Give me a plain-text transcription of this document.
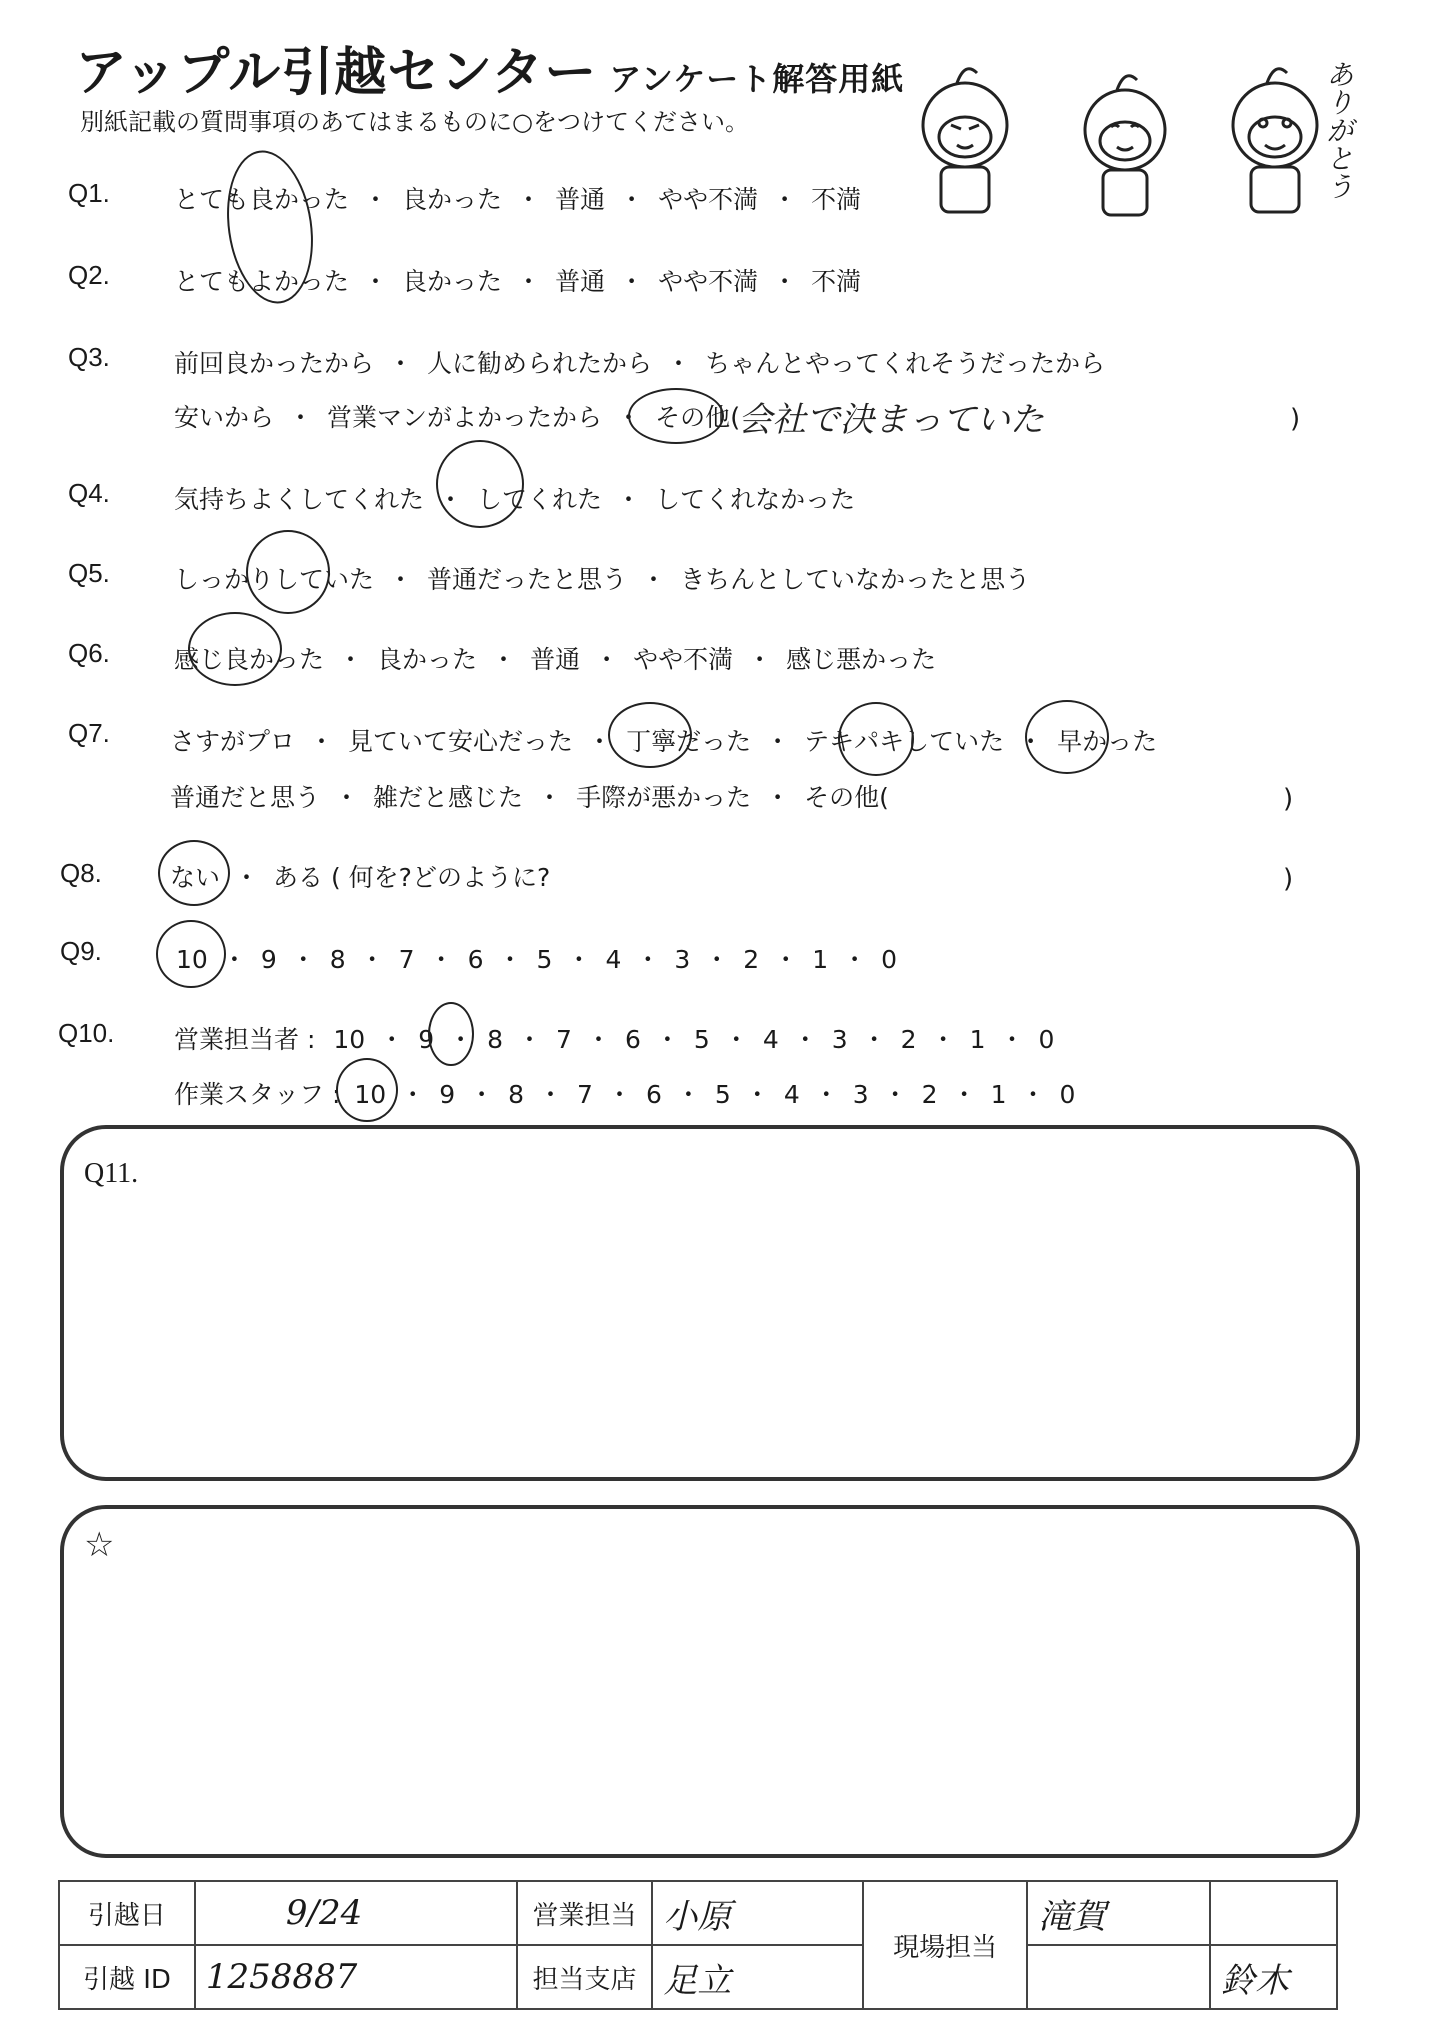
アップル引越センター アンケート解答用紙
別紙記載の質問事項のあてはまるものに○をつけてください。	ありがとう
Q1.	とても良かった ・ 良かった ・ 普通 ・ やや不満 ・ 不満
Q2.	とてもよかった ・ 良かった ・ 普通 ・ やや不満 ・ 不満
Q3.	前回良かったから ・ 人に勧められたから ・ ちゃんとやってくれそうだったから
安いから ・ 営業マンがよかったから ・ その他(
会社で決まっていた	)
Q4.	気持ちよくしてくれた ・ してくれた ・ してくれなかった
Q5.	しっかりしていた ・ 普通だったと思う ・ きちんとしていなかったと思う
Q6.	感じ良かった ・ 良かった ・ 普通 ・ やや不満 ・ 感じ悪かった
Q7. さすがプロ ・ 見ていて安心だった ・ 丁寧だった ・ テキパキしていた ・ 早かった
普通だと思う ・ 雑だと感じた ・ 手際が悪かった ・ その他(	)
Q8.	ない ・ ある ( 何を?どのように?	)
Q9.	10 ・ 9 ・ 8 ・ 7 ・ 6 ・ 5 ・ 4 ・ 3 ・ 2 ・ 1 ・ 0
Q10. 営業担当者 : 10 ・ 9 ・ 8 ・ 7 ・ 6 ・ 5 ・ 4 ・ 3 ・ 2 ・ 1 ・ 0
作業スタッフ : 10 ・ 9 ・ 8 ・ 7 ・ 6 ・ 5 ・ 4 ・ 3 ・ 2 ・ 1 ・ 0
Q11.
☆
引越日	9/24	営業担当	小原	現場担当	滝賀	
引越 ID	1258887	担当支店	足立			鈴木
